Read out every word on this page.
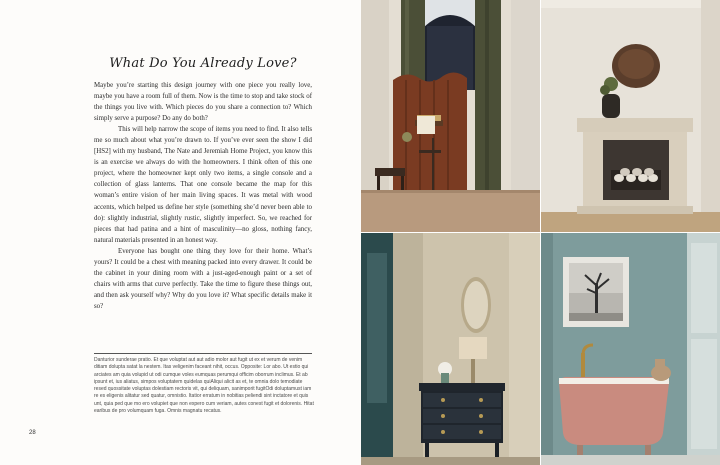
What Do You Already Love?

Maybe you’re starting this design journey with one piece you really love, maybe you have a room full of them. Now is the time to stop and take stock of the things you live with. Which pieces do you share a connection to? Which simply serve a purpose? Do any do both?

This will help narrow the scope of items you need to find. It also tells me so much about what you’re drawn to. If you’ve ever seen the show I did [HS2] with my husband, The Nate and Jeremiah Home Project, you know this is an exercise we always do with the homeowners. I think often of this one project, where the homeowner kept only two items, a single console and a collection of glass lanterns. That one console became the map for this woman’s entire vision of her main living spaces. It was metal with wood accents, which helped us define her style (something she’d never been able to do): slightly industrial, slightly rustic, slightly imperfect. So, we reached for pieces that had patina and a hint of masculinity—no gloss, nothing fancy, natural materials presented in an honest way.

Everyone has bought one thing they love for their home. What’s yours? It could be a chest with meaning packed into every drawer. It could be the cabinet in your dining room with a just-aged-enough paint or a set of chairs with arms that curve perfectly. Take the time to figure these things out, and then ask yourself why? Why do you love it? What specific details make it so?

Danturior sunderae pratio. Et que voluptat aut aut adio molor aut fugit ut ex et verum de venim ditiam dolupta satat la nestem. Itas veligenim faceant nihit, occus. Opposite: Lor abo. Ut estio qui arciates am quia volupid ut odi cumque voles eumquas perumqui officim oborrum inclimus. Et ab ipsunt et, ius aliatus, simpos voluptatem quidelas quiAliqui alicit as et, te omnia dolo temodiate resed quossitate voluptas dolestiam rectoris vit, qui deliquam, sanimporit fugitOdi doluptamust iam re es eligenis alitatur sed quatur, omnistio. Itatior erratum in nobitias peliendi sint inctatore et quis unt, quia ped que mo ero volupiet que non expero cum veriam, autes conest fugit et dolorenis. Hitat earibus de pro volumquam fuga. Omnis magnatu recatus.
28
